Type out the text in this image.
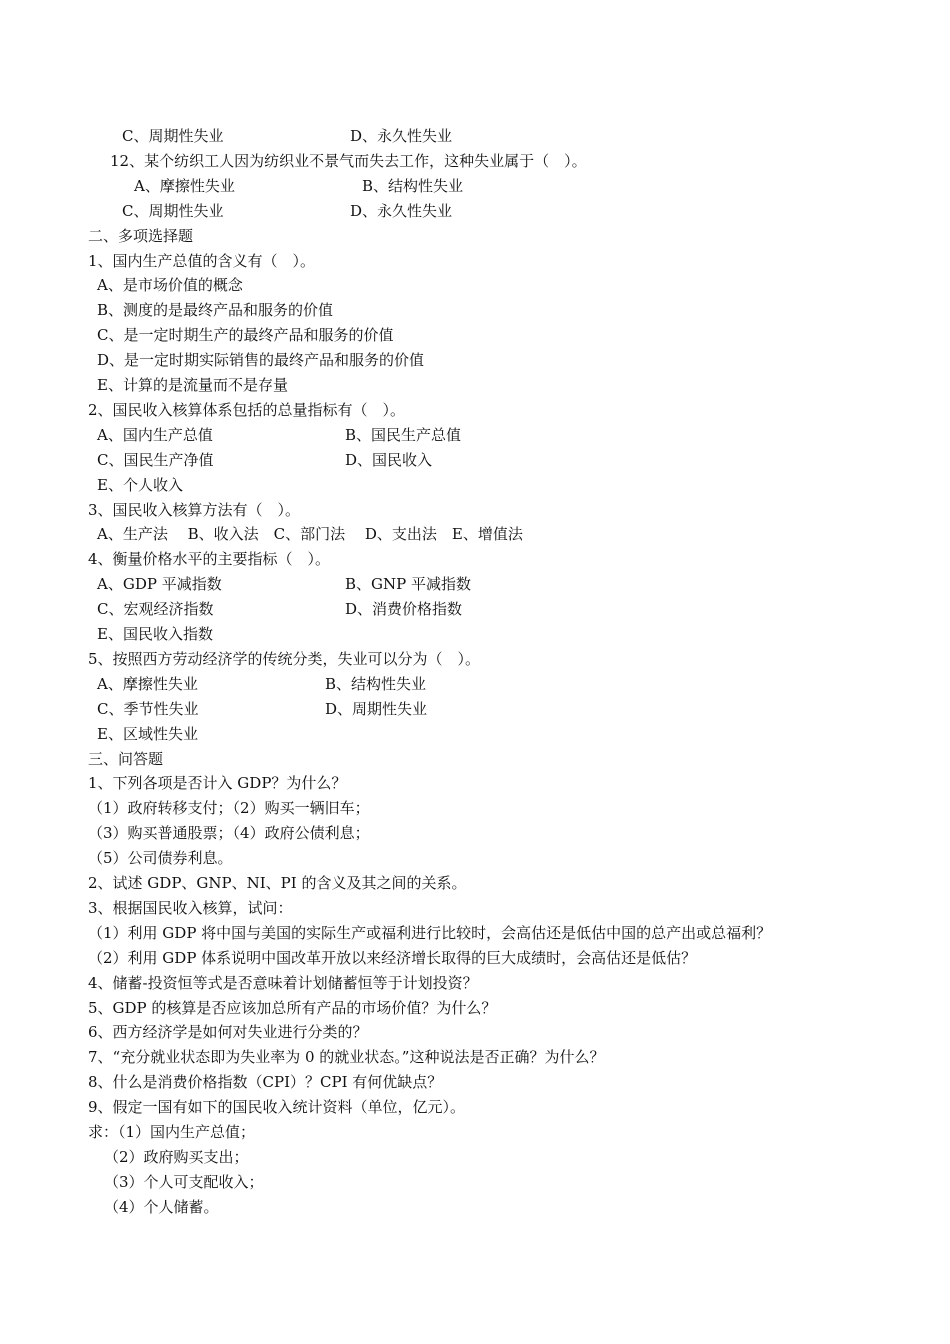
C、周期性失业	D、永久性失业
12、某个纺织工人因为纺织业不景气而失去工作，这种失业属于（　）。
A、摩擦性失业	B、结构性失业
C、周期性失业	D、永久性失业
二、多项选择题
1、国内生产总值的含义有（　）。
A、是市场价值的概念
B、测度的是最终产品和服务的价值
C、是一定时期生产的最终产品和服务的价值
D、是一定时期实际销售的最终产品和服务的价值
E、计算的是流量而不是存量
2、国民收入核算体系包括的总量指标有（　）。
A、国内生产总值	B、国民生产总值
C、国民生产净值	D、国民收入
E、个人收入
3、国民收入核算方法有（　）。
A、生产法　 B、收入法　C、部门法　 D、支出法　E、增值法
4、衡量价格水平的主要指标（　）。
A、GDP 平减指数	B、GNP 平减指数
C、宏观经济指数	D、消费价格指数
E、国民收入指数
5、按照西方劳动经济学的传统分类，失业可以分为（　）。
A、摩擦性失业	B、结构性失业
C、季节性失业	D、周期性失业
E、区域性失业
三、问答题
1、下列各项是否计入 GDP？为什么？
（1）政府转移支付；（2）购买一辆旧车；
（3）购买普通股票；（4）政府公债利息；
（5）公司债券利息。
2、试述 GDP、GNP、NI、PI 的含义及其之间的关系。
3、根据国民收入核算，试问：
（1）利用 GDP 将中国与美国的实际生产或福利进行比较时，会高估还是低估中国的总产出或总福利？
（2）利用 GDP 体系说明中国改革开放以来经济增长取得的巨大成绩时，会高估还是低估？
4、储蓄-投资恒等式是否意味着计划储蓄恒等于计划投资？
5、GDP 的核算是否应该加总所有产品的市场价值？为什么？
6、西方经济学是如何对失业进行分类的？
7、“充分就业状态即为失业率为 0 的就业状态。”这种说法是否正确？为什么？
8、什么是消费价格指数（CPI）？CPI 有何优缺点？
9、假定一国有如下的国民收入统计资料（单位，亿元）。
求：（1）国内生产总值；
（2）政府购买支出；
（3）个人可支配收入；
（4）个人储蓄。
